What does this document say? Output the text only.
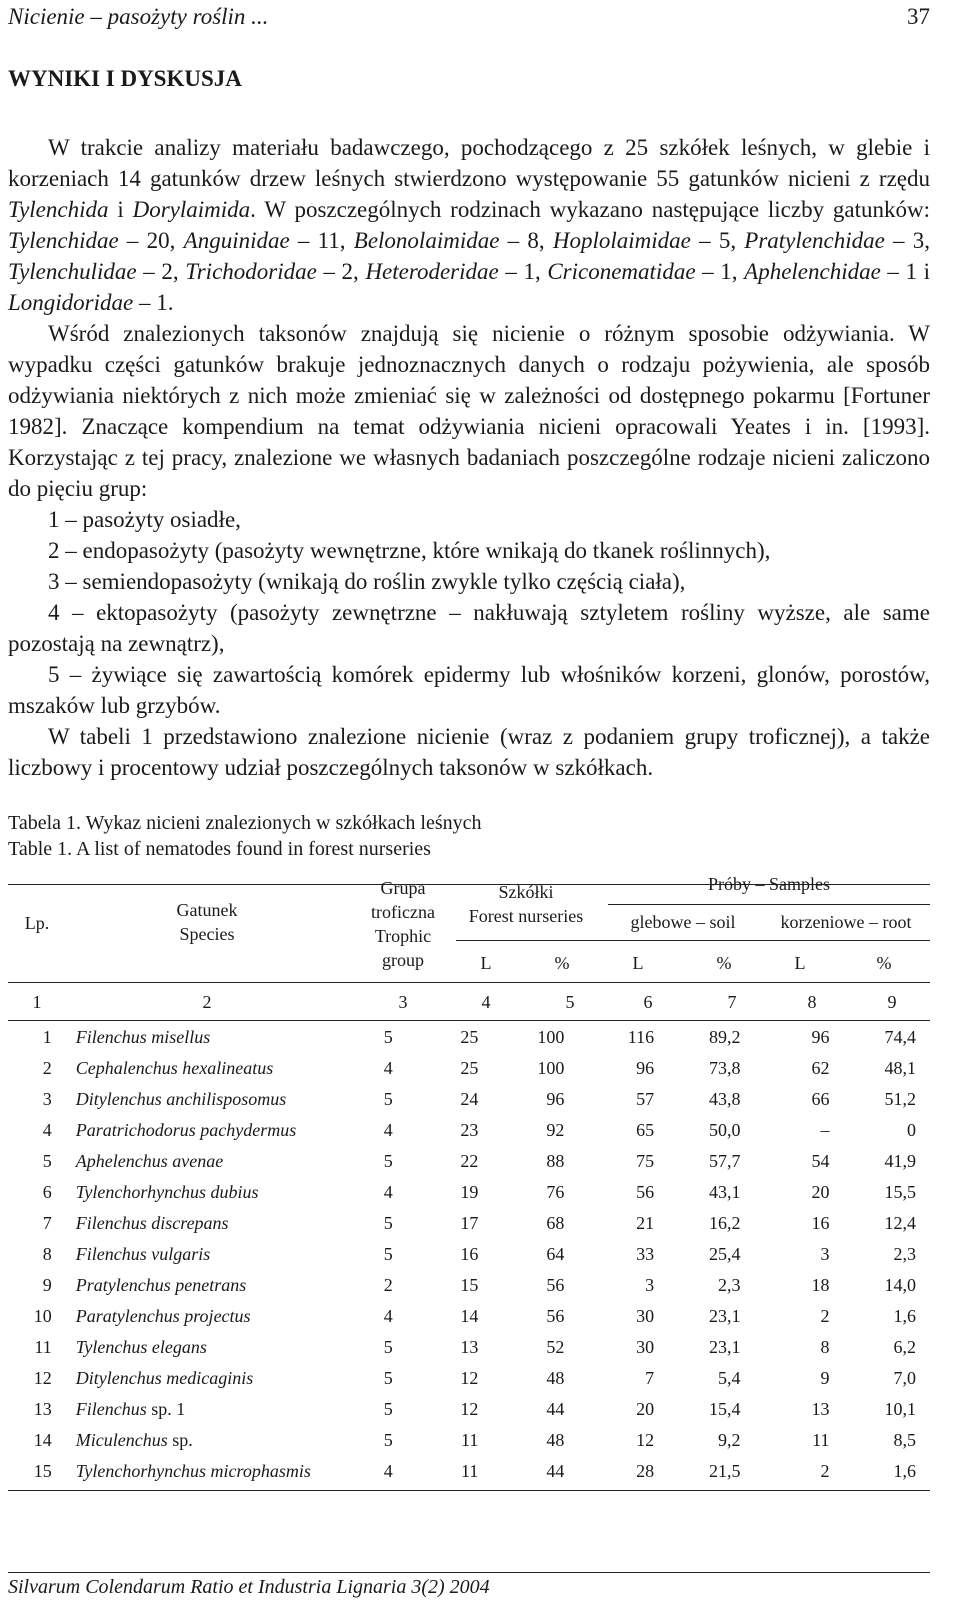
Nicienie – pasożyty roślin ...	37
WYNIKI I DYSKUSJA

W trakcie analizy materiału badawczego, pochodzącego z 25 szkółek leśnych, w glebie i korzeniach 14 gatunków drzew leśnych stwierdzono występowanie 55 gatunków nicieni z rzędu Tylenchida i Dorylaimida. W poszczególnych rodzinach wykazano następujące liczby gatunków: Tylenchidae – 20, Anguinidae – 11, Belonolaimidae – 8, Hoplolaimidae – 5, Pratylenchidae – 3, Tylenchulidae – 2, Trichodoridae – 2, Heteroderidae – 1, Criconematidae – 1, Aphelenchidae – 1 i Longidoridae – 1.

Wśród znalezionych taksonów znajdują się nicienie o różnym sposobie odżywiania. W wypadku części gatunków brakuje jednoznacznych danych o rodzaju pożywienia, ale sposób odżywiania niektórych z nich może zmieniać się w zależności od dostępnego pokarmu [Fortuner 1982]. Znaczące kompendium na temat odżywiania nicieni opracowali Yeates i in. [1993]. Korzystając z tej pracy, znalezione we własnych badaniach poszczególne rodzaje nicieni zaliczono do pięciu grup:

1 – pasożyty osiadłe,

2 – endopasożyty (pasożyty wewnętrzne, które wnikają do tkanek roślinnych),

3 – semiendopasożyty (wnikają do roślin zwykle tylko częścią ciała),

4 – ektopasożyty (pasożyty zewnętrzne – nakłuwają sztyletem rośliny wyższe, ale same pozostają na zewnątrz),

5 – żywiące się zawartością komórek epidermy lub włośników korzeni, glonów, porostów, mszaków lub grzybów.

W tabeli 1 przedstawiono znalezione nicienie (wraz z podaniem grupy troficznej), a także liczbowy i procentowy udział poszczególnych taksonów w szkółkach.

Tabela 1. Wykaz nicieni znalezionych w szkółkach leśnych
Table 1. A list of nematodes found in forest nurseries
Lp.
Gatunek
Species
Grupa
troficzna
Trophic
group
Szkółki
Forest nurseries
Próby – Samples
glebowe – soil	korzeniowe – root
L	%	L	%	L	%
1	2	3	4	5	6	7	8	9
1	Filenchus misellus	5	25	100	116	89,2	96	74,4
2	Cephalenchus hexalineatus	4	25	100	96	73,8	62	48,1
3	Ditylenchus anchilisposomus	5	24	96	57	43,8	66	51,2
4	Paratrichodorus pachydermus	4	23	92	65	50,0	–	0
5	Aphelenchus avenae	5	22	88	75	57,7	54	41,9
6	Tylenchorhynchus dubius	4	19	76	56	43,1	20	15,5
7	Filenchus discrepans	5	17	68	21	16,2	16	12,4
8	Filenchus vulgaris	5	16	64	33	25,4	3	2,3
9	Pratylenchus penetrans	2	15	56	3	2,3	18	14,0
10	Paratylenchus projectus	4	14	56	30	23,1	2	1,6
11	Tylenchus elegans	5	13	52	30	23,1	8	6,2
12	Ditylenchus medicaginis	5	12	48	7	5,4	9	7,0
13	Filenchus sp. 1	5	12	44	20	15,4	13	10,1
14	Miculenchus sp.	5	11	48	12	9,2	11	8,5
15	Tylenchorhynchus microphasmis	4	11	44	28	21,5	2	1,6
Silvarum Colendarum Ratio et Industria Lignaria 3(2) 2004
